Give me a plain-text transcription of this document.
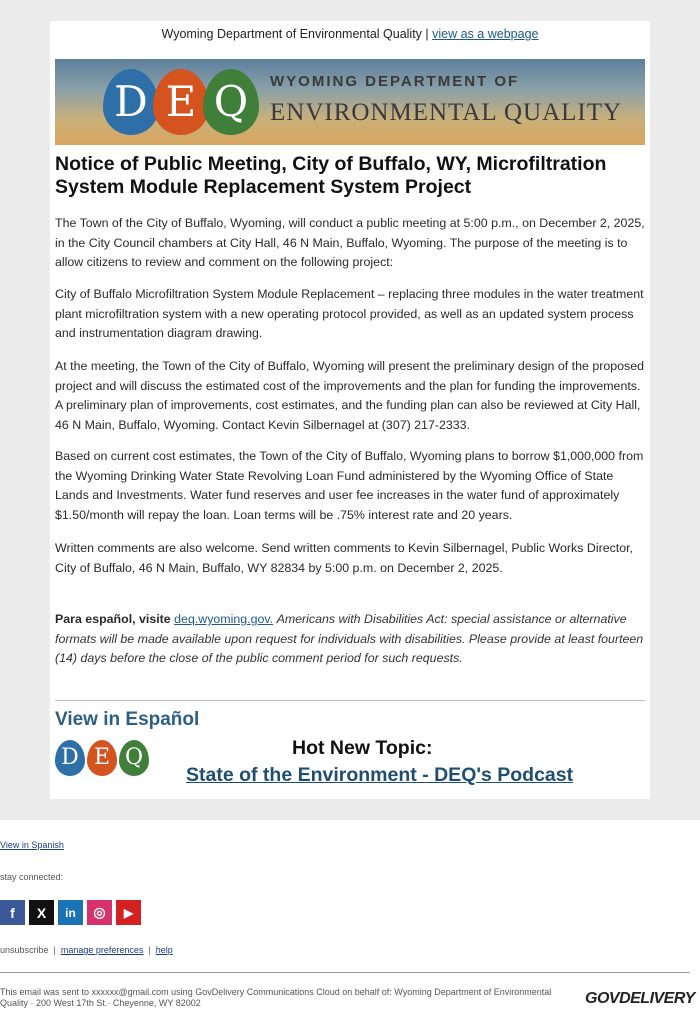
Wyoming Department of Environmental Quality | view as a webpage
D E Q	WYOMING DEPARTMENT OF
ENVIRONMENTAL QUALITY
Notice of Public Meeting, City of Buffalo, WY, Microfiltration System Module Replacement System Project

The Town of the City of Buffalo, Wyoming, will conduct a public meeting at 5:00 p.m., on December 2, 2025, in the City Council chambers at City Hall, 46 N Main, Buffalo, Wyoming. The purpose of the meeting is to allow citizens to review and comment on the following project:

City of Buffalo Microfiltration System Module Replacement – replacing three modules in the water treatment plant microfiltration system with a new operating protocol provided, as well as an updated system process and instrumentation diagram drawing.

At the meeting, the Town of the City of Buffalo, Wyoming will present the preliminary design of the proposed project and will discuss the estimated cost of the improvements and the plan for funding the improvements. A preliminary plan of improvements, cost estimates, and the funding plan can also be reviewed at City Hall, 46 N Main, Buffalo, Wyoming. Contact Kevin Silbernagel at (307) 217-2333.

Based on current cost estimates, the Town of the City of Buffalo, Wyoming plans to borrow $1,000,000 from the Wyoming Drinking Water State Revolving Loan Fund administered by the Wyoming Office of State Lands and Investments. Water fund reserves and user fee increases in the water fund of approximately $1.50/month will repay the loan. Loan terms will be .75% interest rate and 20 years.

Written comments are also welcome. Send written comments to Kevin Silbernagel, Public Works Director, City of Buffalo, 46 N Main, Buffalo, WY 82834 by 5:00 p.m. on December 2, 2025.

Para español, visite deq.wyoming.gov. Americans with Disabilities Act: special assistance or alternative formats will be made available upon request for individuals with disabilities. Please provide at least fourteen (14) days before the close of the public comment period for such requests.

View in Español
D E Q	Hot New Topic:
State of the Environment - DEQ's Podcast
View in Spanish
stay connected:
f	X	in	◎	▶
unsubscribe  |  manage preferences  |  help
This email was sent to xxxxxx@gmail.com using GovDelivery Communications Cloud on behalf of: Wyoming Department of Environmental Quality · 200 West 17th St.· Cheyenne, WY 82002	GOVDELIVERY
